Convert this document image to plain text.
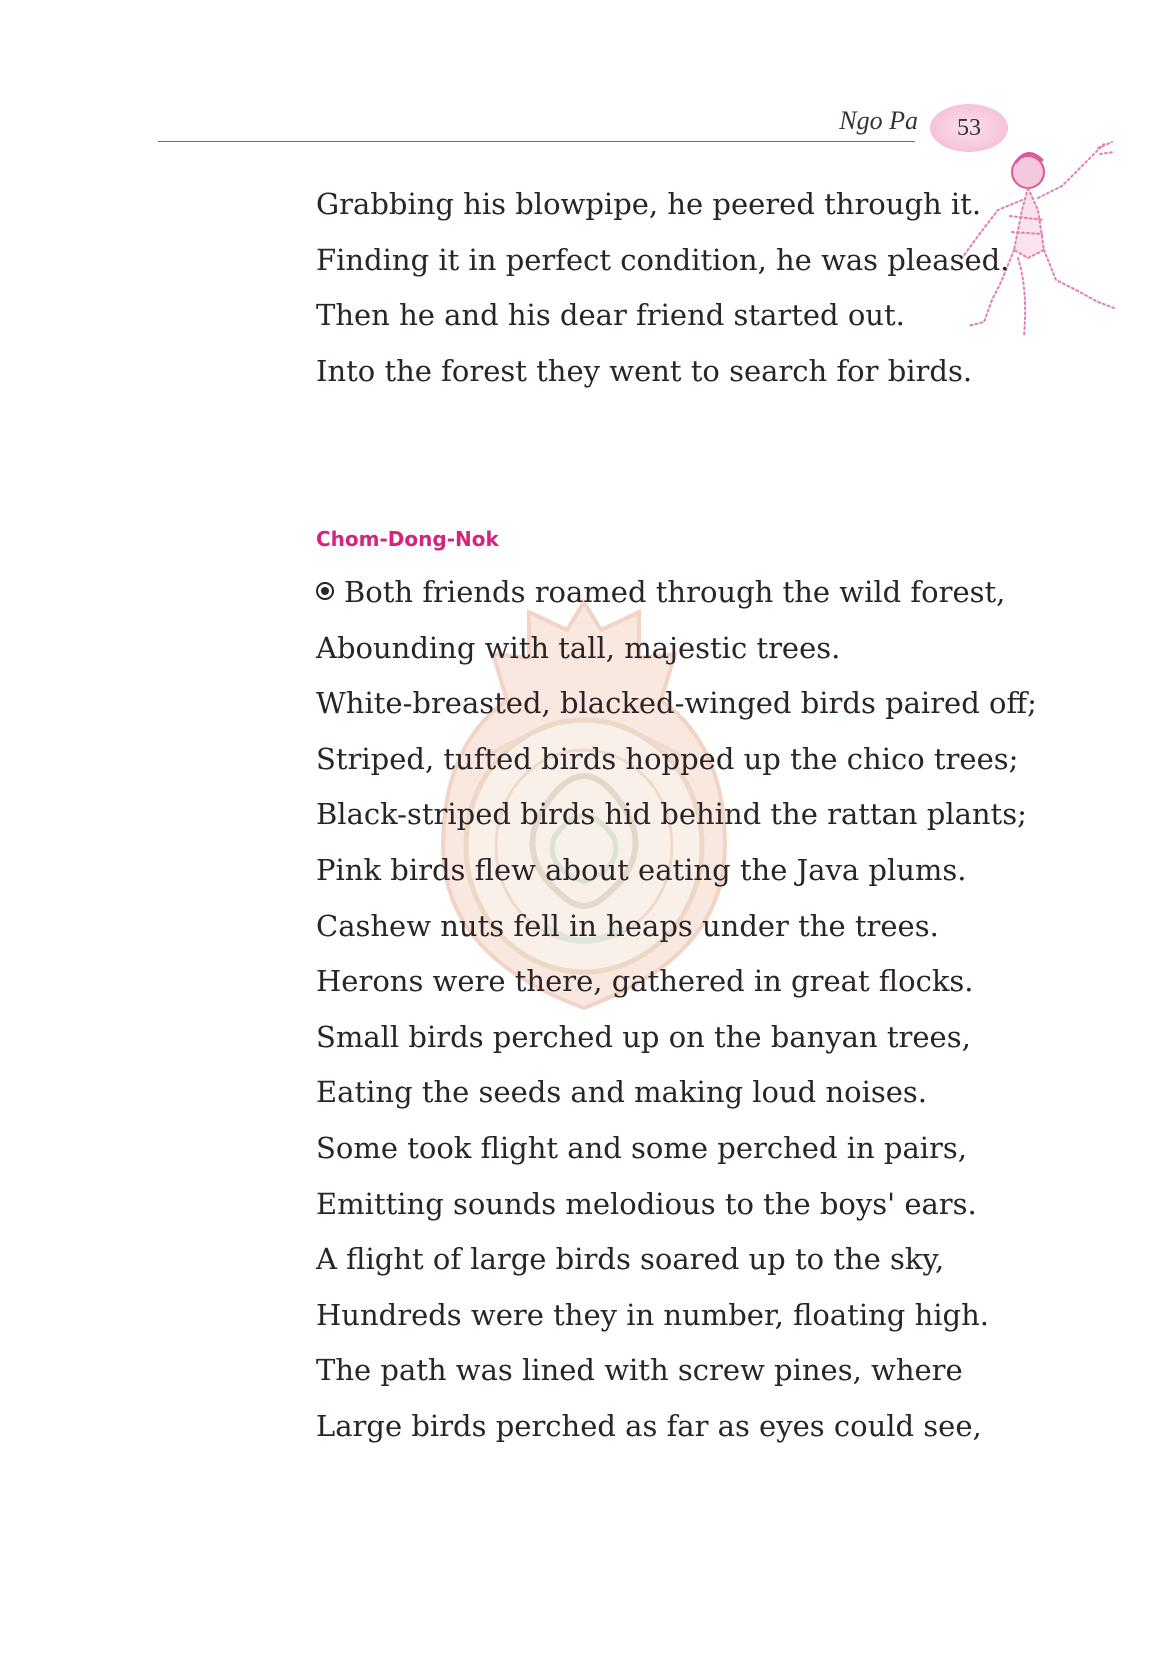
Ngo Pa 53
Grabbing his blowpipe, he peered through it.
Finding it in perfect condition, he was pleased.
Then he and his dear friend started out.
Into the forest they went to search for birds.
Chom-Dong-Nok
Both friends roamed through the wild forest,
Abounding with tall, majestic trees.
White-breasted, blacked-winged birds paired off;
Striped, tufted birds hopped up the chico trees;
Black-striped birds hid behind the rattan plants;
Pink birds flew about eating the Java plums.
Cashew nuts fell in heaps under the trees.
Herons were there, gathered in great flocks.
Small birds perched up on the banyan trees,
Eating the seeds and making loud noises.
Some took flight and some perched in pairs,
Emitting sounds melodious to the boys' ears.
A flight of large birds soared up to the sky,
Hundreds were they in number, floating high.
The path was lined with screw pines, where
Large birds perched as far as eyes could see,
